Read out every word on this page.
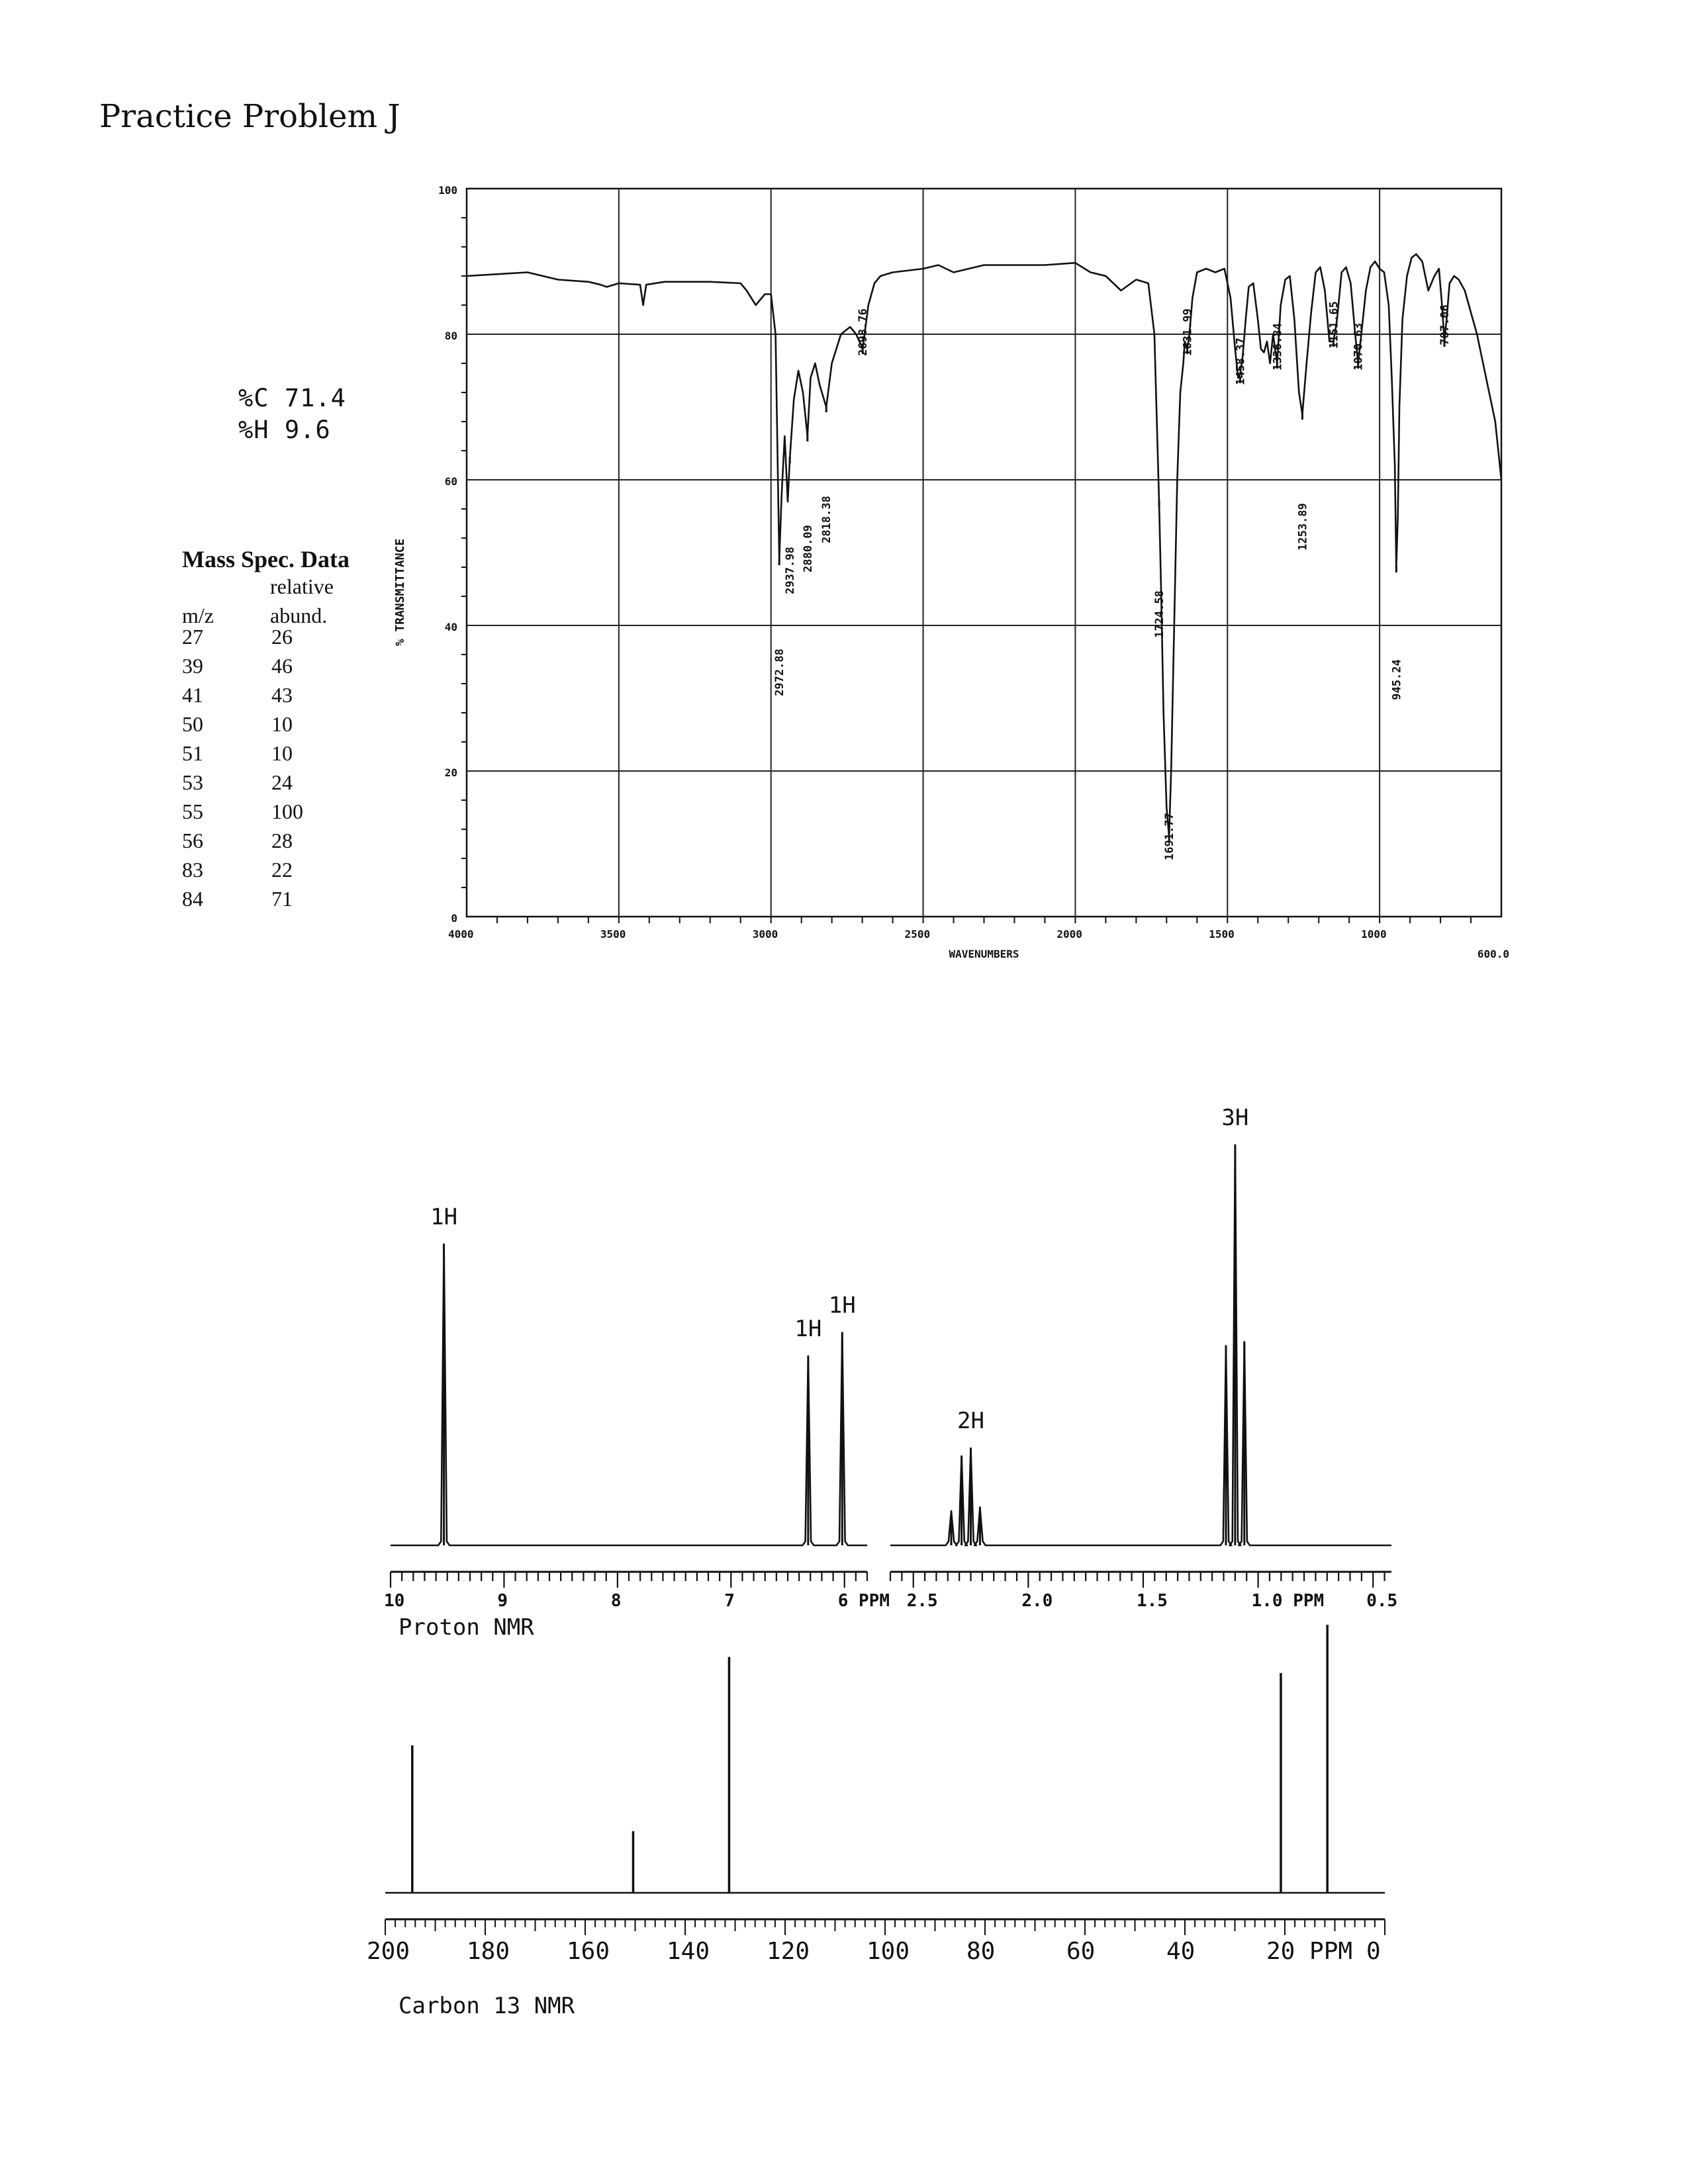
Practice Problem J
%C 71.4
%H 9.6
Mass Spec. Data
relative
m/z	abund.
27	26
39	46
41	43
50	10
51	10
53	24
55	100
56	28
83	22
84	71
0
20
40
60
80
100
4000	3500	3000	2500	2000	1500	1000
600.0
WAVENUMBERS
% TRANSMITTANCE
2972.88
2937.98 2880.09
2818.38
2698.76
1724.58
1691.77
1631.99
1458.37 1336.84
1253.89
1151.65 1070.63
945.24
787.06
1H
1H
1H
10	9	8	7	6 PPM
2H
3H
2.5	2.0	1.5	1.0 PPM 0.5
Proton NMR
200 180 160 140 120 100 80	60	40	20 PPM 0
Carbon 13 NMR
